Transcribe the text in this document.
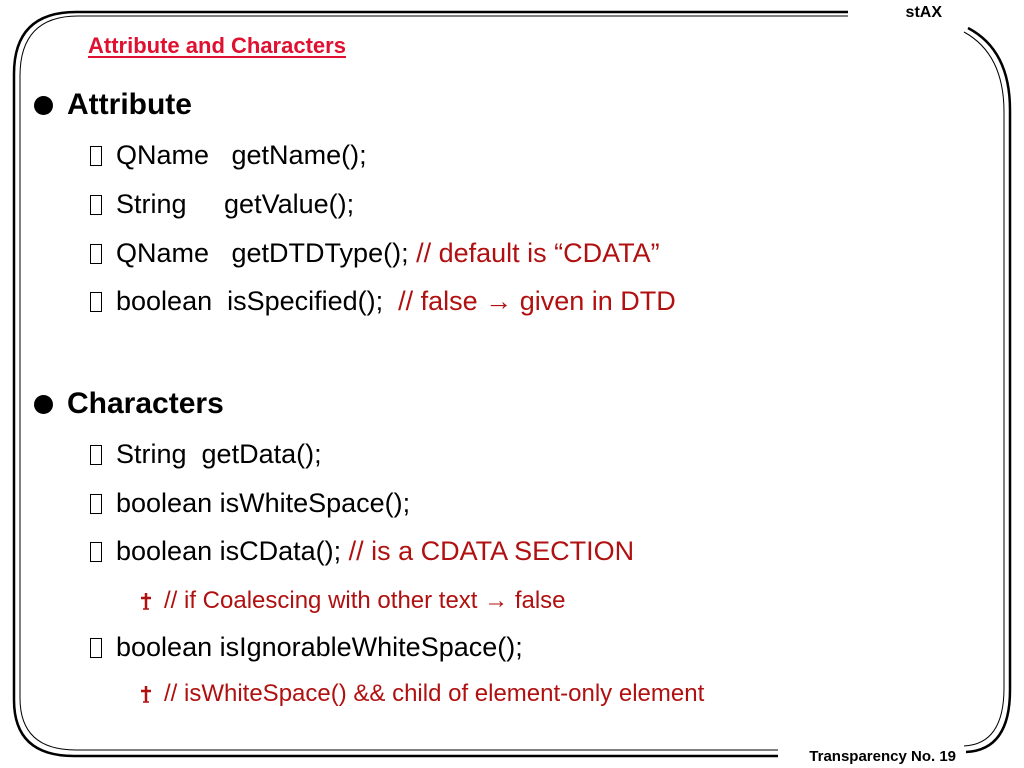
stAX
Attribute and Characters
Attribute
QName   getName();
String     getValue();
QName   getDTDType(); // default is “CDATA”
boolean  isSpecified(); // false → given in DTD
Characters
String  getData();
boolean isWhiteSpace();
boolean isCData(); // is a CDATA SECTION
// if Coalescing with other text → false
boolean isIgnorableWhiteSpace();
// isWhiteSpace() && child of element-only element
Transparency No. 19
